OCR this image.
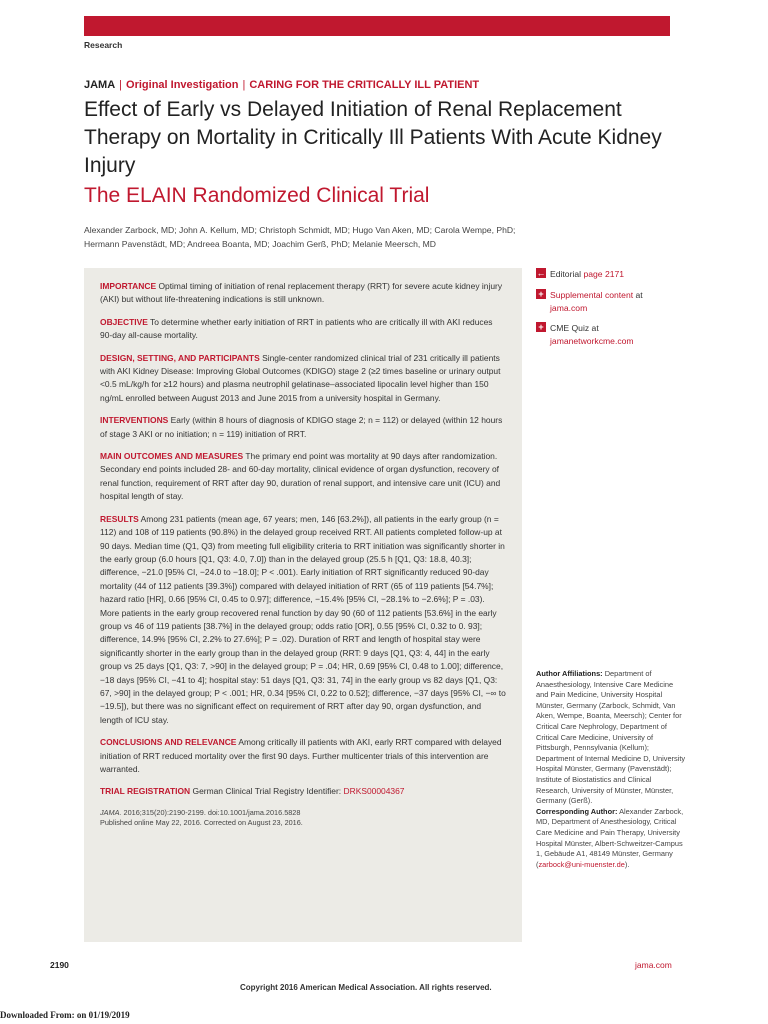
Research
JAMA | Original Investigation | CARING FOR THE CRITICALLY ILL PATIENT
Effect of Early vs Delayed Initiation of Renal Replacement Therapy on Mortality in Critically Ill Patients With Acute Kidney Injury
The ELAIN Randomized Clinical Trial
Alexander Zarbock, MD; John A. Kellum, MD; Christoph Schmidt, MD; Hugo Van Aken, MD; Carola Wempe, PhD; Hermann Pavenstädt, MD; Andreea Boanta, MD; Joachim Gerß, PhD; Melanie Meersch, MD

IMPORTANCE Optimal timing of initiation of renal replacement therapy (RRT) for severe acute kidney injury (AKI) but without life-threatening indications is still unknown.

OBJECTIVE To determine whether early initiation of RRT in patients who are critically ill with AKI reduces 90-day all-cause mortality.

DESIGN, SETTING, AND PARTICIPANTS Single-center randomized clinical trial of 231 critically ill patients with AKI Kidney Disease: Improving Global Outcomes (KDIGO) stage 2 (≥2 times baseline or urinary output <0.5 mL/kg/h for ≥12 hours) and plasma neutrophil gelatinase–associated lipocalin level higher than 150 ng/mL enrolled between August 2013 and June 2015 from a university hospital in Germany.

INTERVENTIONS Early (within 8 hours of diagnosis of KDIGO stage 2; n = 112) or delayed (within 12 hours of stage 3 AKI or no initiation; n = 119) initiation of RRT.

MAIN OUTCOMES AND MEASURES The primary end point was mortality at 90 days after randomization. Secondary end points included 28- and 60-day mortality, clinical evidence of organ dysfunction, recovery of renal function, requirement of RRT after day 90, duration of renal support, and intensive care unit (ICU) and hospital length of stay.

RESULTS Among 231 patients (mean age, 67 years; men, 146 [63.2%]), all patients in the early group (n = 112) and 108 of 119 patients (90.8%) in the delayed group received RRT. All patients completed follow-up at 90 days. Median time (Q1, Q3) from meeting full eligibility criteria to RRT initiation was significantly shorter in the early group (6.0 hours [Q1, Q3: 4.0, 7.0]) than in the delayed group (25.5 h [Q1, Q3: 18.8, 40.3]; difference, −21.0 [95% CI, −24.0 to −18.0]; P < .001). Early initiation of RRT significantly reduced 90-day mortality (44 of 112 patients [39.3%]) compared with delayed initiation of RRT (65 of 119 patients [54.7%]; hazard ratio [HR], 0.66 [95% CI, 0.45 to 0.97]; difference, −15.4% [95% CI, −28.1% to −2.6%]; P = .03). More patients in the early group recovered renal function by day 90 (60 of 112 patients [53.6%] in the early group vs 46 of 119 patients [38.7%] in the delayed group; odds ratio [OR], 0.55 [95% CI, 0.32 to 0. 93]; difference, 14.9% [95% CI, 2.2% to 27.6%]; P = .02). Duration of RRT and length of hospital stay were significantly shorter in the early group than in the delayed group (RRT: 9 days [Q1, Q3: 4, 44] in the early group vs 25 days [Q1, Q3: 7, >90] in the delayed group; P = .04; HR, 0.69 [95% CI, 0.48 to 1.00]; difference, −18 days [95% CI, −41 to 4]; hospital stay: 51 days [Q1, Q3: 31, 74] in the early group vs 82 days [Q1, Q3: 67, >90] in the delayed group; P < .001; HR, 0.34 [95% CI, 0.22 to 0.52]; difference, −37 days [95% CI, −∞ to −19.5]), but there was no significant effect on requirement of RRT after day 90, organ dysfunction, and length of ICU stay.

CONCLUSIONS AND RELEVANCE Among critically ill patients with AKI, early RRT compared with delayed initiation of RRT reduced mortality over the first 90 days. Further multicenter trials of this intervention are warranted.

TRIAL REGISTRATION German Clinical Trial Registry Identifier: DRKS00004367

JAMA. 2016;315(20):2190-2199. doi:10.1001/jama.2016.5828
Published online May 22, 2016. Corrected on August 23, 2016.
← Editorial page 2171
+ Supplemental content at
jama.com
+ CME Quiz at
jamanetworkcme.com
Author Affiliations: Department of Anaesthesiology, Intensive Care Medicine and Pain Medicine, University Hospital Münster, Germany (Zarbock, Schmidt, Van Aken, Wempe, Boanta, Meersch); Center for Critical Care Nephrology, Department of Critical Care Medicine, University of Pittsburgh, Pennsylvania (Kellum); Department of Internal Medicine D, University Hospital Münster, Germany (Pavenstädt); Institute of Biostatistics and Clinical Research, University of Münster, Münster, Germany (Gerß).
Corresponding Author: Alexander Zarbock, MD, Department of Anesthesiology, Critical Care Medicine and Pain Therapy, University Hospital Münster, Albert-Schweitzer-Campus 1, Gebäude A1, 48149 Münster, Germany (zarbock@uni-muenster.de).
2190	jama.com
Copyright 2016 American Medical Association. All rights reserved.
Downloaded From: on 01/19/2019
